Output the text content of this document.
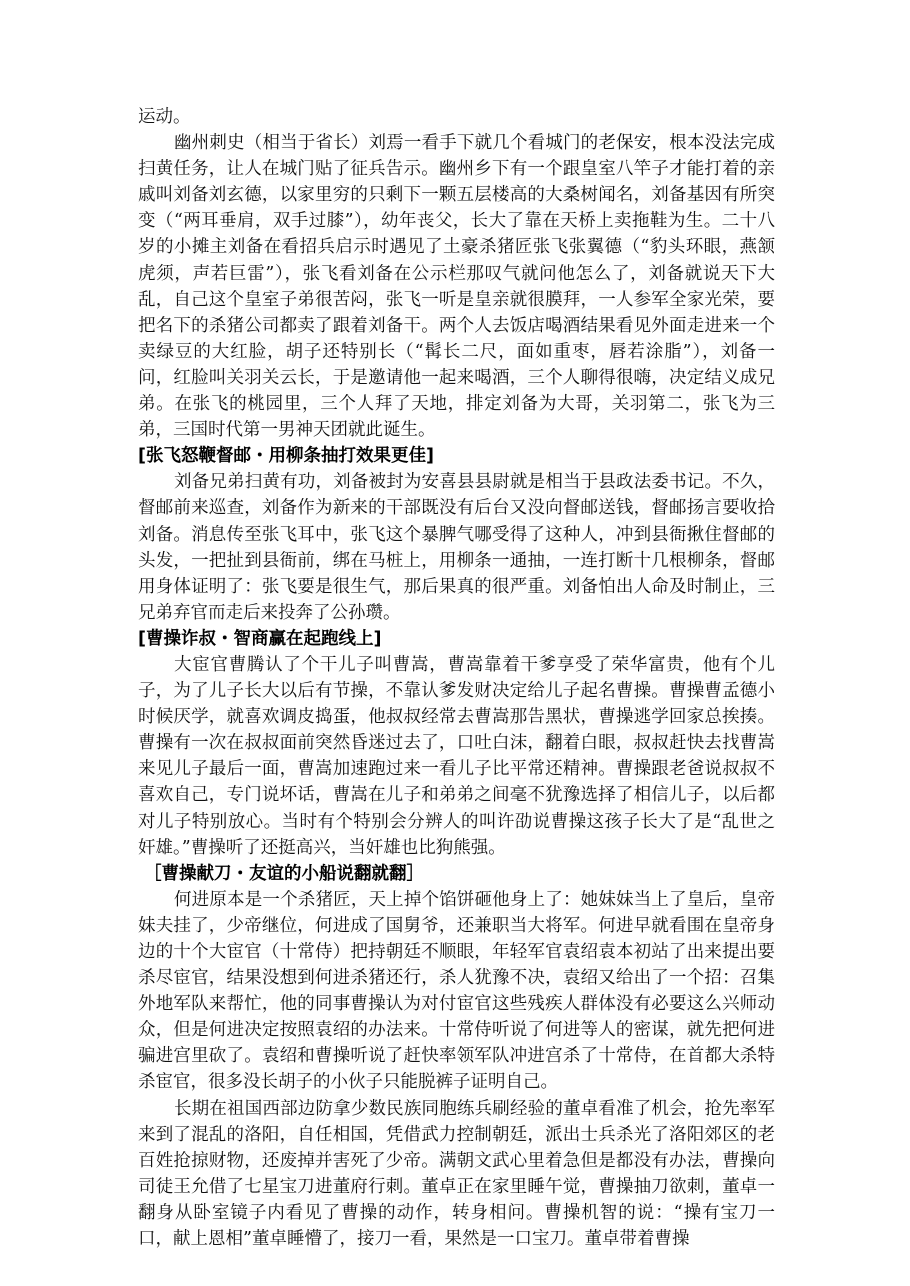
运动。

幽州刺史（相当于省长）刘焉一看手下就几个看城门的老保安，根本没法完成扫黄任务，让人在城门贴了征兵告示。幽州乡下有一个跟皇室八竿子才能打着的亲戚叫刘备刘玄德，以家里穷的只剩下一颗五层楼高的大桑树闻名，刘备基因有所突变（“两耳垂肩，双手过膝”），幼年丧父，长大了靠在天桥上卖拖鞋为生。二十八岁的小摊主刘备在看招兵启示时遇见了土豪杀猪匠张飞张翼德（“豹头环眼，燕颔虎须，声若巨雷”），张飞看刘备在公示栏那叹气就问他怎么了，刘备就说天下大乱，自己这个皇室子弟很苦闷，张飞一听是皇亲就很膜拜，一人参军全家光荣，要把名下的杀猪公司都卖了跟着刘备干。两个人去饭店喝酒结果看见外面走进来一个卖绿豆的大红脸，胡子还特别长（“髯长二尺，面如重枣，唇若涂脂”），刘备一问，红脸叫关羽关云长，于是邀请他一起来喝酒，三个人聊得很嗨，决定结义成兄弟。在张飞的桃园里，三个人拜了天地，排定刘备为大哥，关羽第二，张飞为三弟，三国时代第一男神天团就此诞生。

[张飞怒鞭督邮・用柳条抽打效果更佳]

刘备兄弟扫黄有功，刘备被封为安喜县县尉就是相当于县政法委书记。不久，督邮前来巡查，刘备作为新来的干部既没有后台又没向督邮送钱，督邮扬言要收拾刘备。消息传至张飞耳中，张飞这个暴脾气哪受得了这种人，冲到县衙揪住督邮的头发，一把扯到县衙前，绑在马桩上，用柳条一通抽，一连打断十几根柳条，督邮用身体证明了：张飞要是很生气，那后果真的很严重。刘备怕出人命及时制止，三兄弟弃官而走后来投奔了公孙瓒。

[曹操诈叔・智商赢在起跑线上]

大宦官曹腾认了个干儿子叫曹嵩，曹嵩靠着干爹享受了荣华富贵，他有个儿子，为了儿子长大以后有节操，不靠认爹发财决定给儿子起名曹操。曹操曹孟德小时候厌学，就喜欢调皮捣蛋，他叔叔经常去曹嵩那告黑状，曹操逃学回家总挨揍。曹操有一次在叔叔面前突然昏迷过去了，口吐白沫，翻着白眼，叔叔赶快去找曹嵩来见儿子最后一面，曹嵩加速跑过来一看儿子比平常还精神。曹操跟老爸说叔叔不喜欢自己，专门说坏话，曹嵩在儿子和弟弟之间毫不犹豫选择了相信儿子，以后都对儿子特别放心。当时有个特别会分辨人的叫许劭说曹操这孩子长大了是“乱世之奸雄。”曹操听了还挺高兴，当奸雄也比狗熊强。

［曹操献刀・友谊的小船说翻就翻］

何进原本是一个杀猪匠，天上掉个馅饼砸他身上了：她妹妹当上了皇后，皇帝妹夫挂了，少帝继位，何进成了国舅爷，还兼职当大将军。何进早就看围在皇帝身边的十个大宦官（十常侍）把持朝廷不顺眼，年轻军官袁绍袁本初站了出来提出要杀尽宦官，结果没想到何进杀猪还行，杀人犹豫不决，袁绍又给出了一个招：召集外地军队来帮忙，他的同事曹操认为对付宦官这些残疾人群体没有必要这么兴师动众，但是何进决定按照袁绍的办法来。十常侍听说了何进等人的密谋，就先把何进骗进宫里砍了。袁绍和曹操听说了赶快率领军队冲进宫杀了十常侍，在首都大杀特杀宦官，很多没长胡子的小伙子只能脱裤子证明自己。

长期在祖国西部边防拿少数民族同胞练兵刷经验的董卓看准了机会，抢先率军来到了混乱的洛阳，自任相国，凭借武力控制朝廷，派出士兵杀光了洛阳郊区的老百姓抢掠财物，还废掉并害死了少帝。满朝文武心里着急但是都没有办法，曹操向司徒王允借了七星宝刀进董府行刺。董卓正在家里睡午觉，曹操抽刀欲刺，董卓一翻身从卧室镜子内看见了曹操的动作，转身相问。曹操机智的说：“操有宝刀一口，献上恩相”董卓睡懵了，接刀一看，果然是一口宝刀。董卓带着曹操
